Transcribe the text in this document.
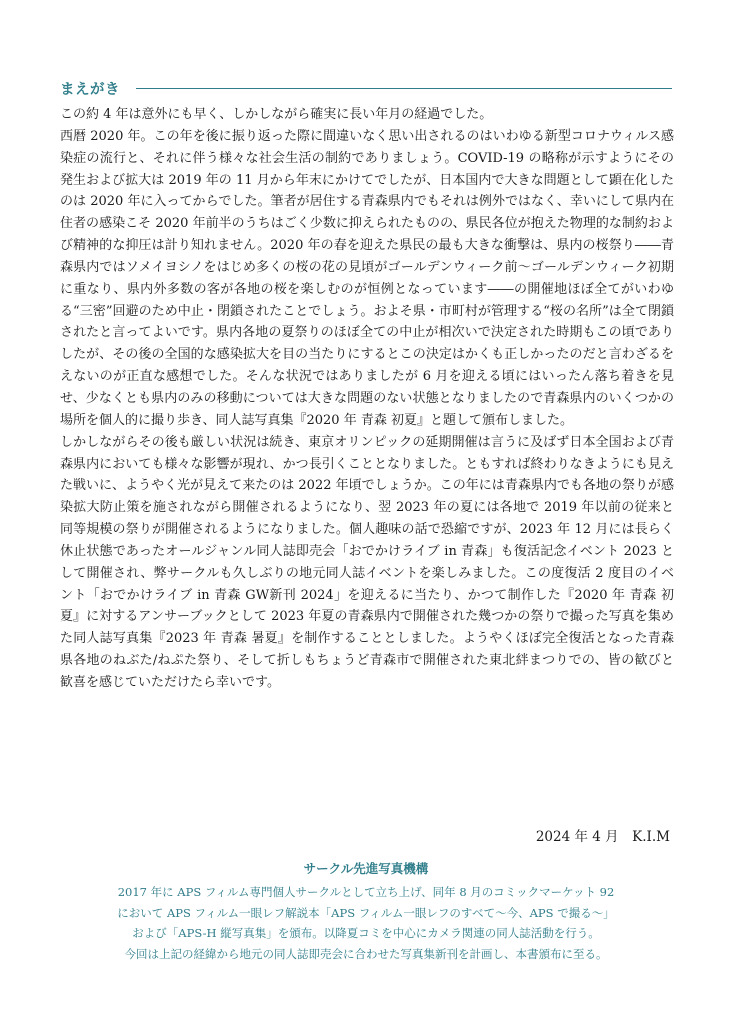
まえがき

この約 4 年は意外にも早く、しかしながら確実に長い年月の経過でした。

西暦 2020 年。この年を後に振り返った際に間違いなく思い出されるのはいわゆる新型コロナウィルス感染症の流行と、それに伴う様々な社会生活の制約でありましょう。COVID-19 の略称が示すようにその発生および拡大は 2019 年の 11 月から年末にかけてでしたが、日本国内で大きな問題として顕在化したのは 2020 年に入ってからでした。筆者が居住する青森県内でもそれは例外ではなく、幸いにして県内在住者の感染こそ 2020 年前半のうちはごく少数に抑えられたものの、県民各位が抱えた物理的な制約および精神的な抑圧は計り知れません。2020 年の春を迎えた県民の最も大きな衝撃は、県内の桜祭り――青森県内ではソメイヨシノをはじめ多くの桜の花の見頃がゴールデンウィーク前～ゴールデンウィーク初期に重なり、県内外多数の客が各地の桜を楽しむのが恒例となっています――の開催地ほぼ全てがいわゆる“三密”回避のため中止・閉鎖されたことでしょう。およそ県・市町村が管理する“桜の名所”は全て閉鎖されたと言ってよいです。県内各地の夏祭りのほぼ全ての中止が相次いで決定された時期もこの頃でありしたが、その後の全国的な感染拡大を目の当たりにするとこの決定はかくも正しかったのだと言わざるをえないのが正直な感想でした。そんな状況ではありましたが 6 月を迎える頃にはいったん落ち着きを見せ、少なくとも県内のみの移動については大きな問題のない状態となりましたので青森県内のいくつかの場所を個人的に撮り歩き、同人誌写真集『2020 年 青森 初夏』と題して頒布しました。

しかしながらその後も厳しい状況は続き、東京オリンピックの延期開催は言うに及ばず日本全国および青森県内においても様々な影響が現れ、かつ長引くこととなりました。ともすれば終わりなきようにも見えた戦いに、ようやく光が見えて来たのは 2022 年頃でしょうか。この年には青森県内でも各地の祭りが感染拡大防止策を施されながら開催されるようになり、翌 2023 年の夏には各地で 2019 年以前の従来と同等規模の祭りが開催されるようになりました。個人趣味の話で恐縮ですが、2023 年 12 月には長らく休止状態であったオールジャンル同人誌即売会「おでかけライブ in 青森」も復活記念イベント 2023 として開催され、弊サークルも久しぶりの地元同人誌イベントを楽しみました。この度復活 2 度目のイベント「おでかけライブ in 青森 GW新刊 2024」を迎えるに当たり、かつて制作した『2020 年 青森 初夏』に対するアンサーブックとして 2023 年夏の青森県内で開催された幾つかの祭りで撮った写真を集めた同人誌写真集『2023 年 青森 暑夏』を制作することとしました。ようやくほぼ完全復活となった青森県各地のねぶた/ねぷた祭り、そして折しもちょうど青森市で開催された東北絆まつりでの、皆の歓びと歓喜を感じていただけたら幸いです。

2024 年 4 月　K.I.M
サークル先進写真機構

2017 年に APS フィルム専門個人サークルとして立ち上げ、同年 8 月のコミックマーケット 92

において APS フィルム一眼レフ解説本「APS フィルム一眼レフのすべて～今、APS で撮る～」

および「APS-H 縦写真集」を頒布。以降夏コミを中心にカメラ関連の同人誌活動を行う。

今回は上記の経緯から地元の同人誌即売会に合わせた写真集新刊を計画し、本書頒布に至る。
